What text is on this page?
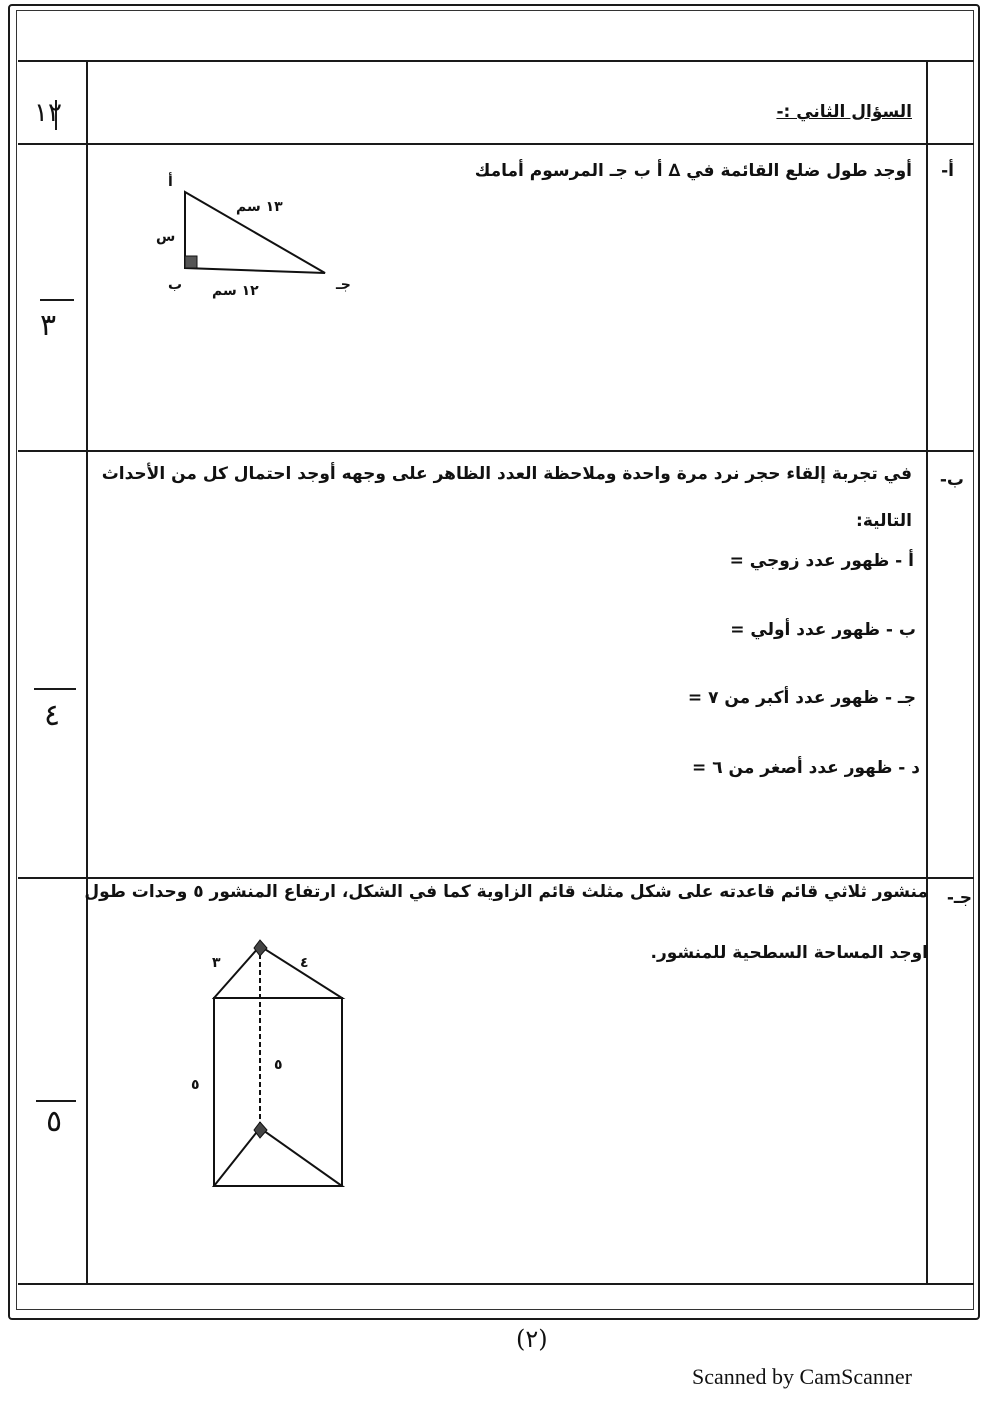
السؤال الثاني :-
١٢
أ-
أوجد طول ضلع القائمة في ∆ أ ب جـ المرسوم أمامك
أ
١٣ سم
س
ب ١٢ سم	جـ
٣
ب-
في تجربة إلقاء حجر نرد مرة واحدة وملاحظة العدد الظاهر على وجهه أوجد احتمال كل من الأحداث
التالية:
أ - ظهور عدد زوجي =
ب - ظهور عدد أولي =
جـ - ظهور عدد أكبر من ٧ =
د - ظهور عدد أصغر من ٦ =
٤
جـ-
منشور ثلاثي قائم قاعدته على شكل مثلث قائم الزاوية كما في الشكل، ارتفاع المنشور ٥ وحدات طول
اوجد المساحة السطحية للمنشور.
٣	٤
٥
٥
٥
(٢)
Scanned by CamScanner
